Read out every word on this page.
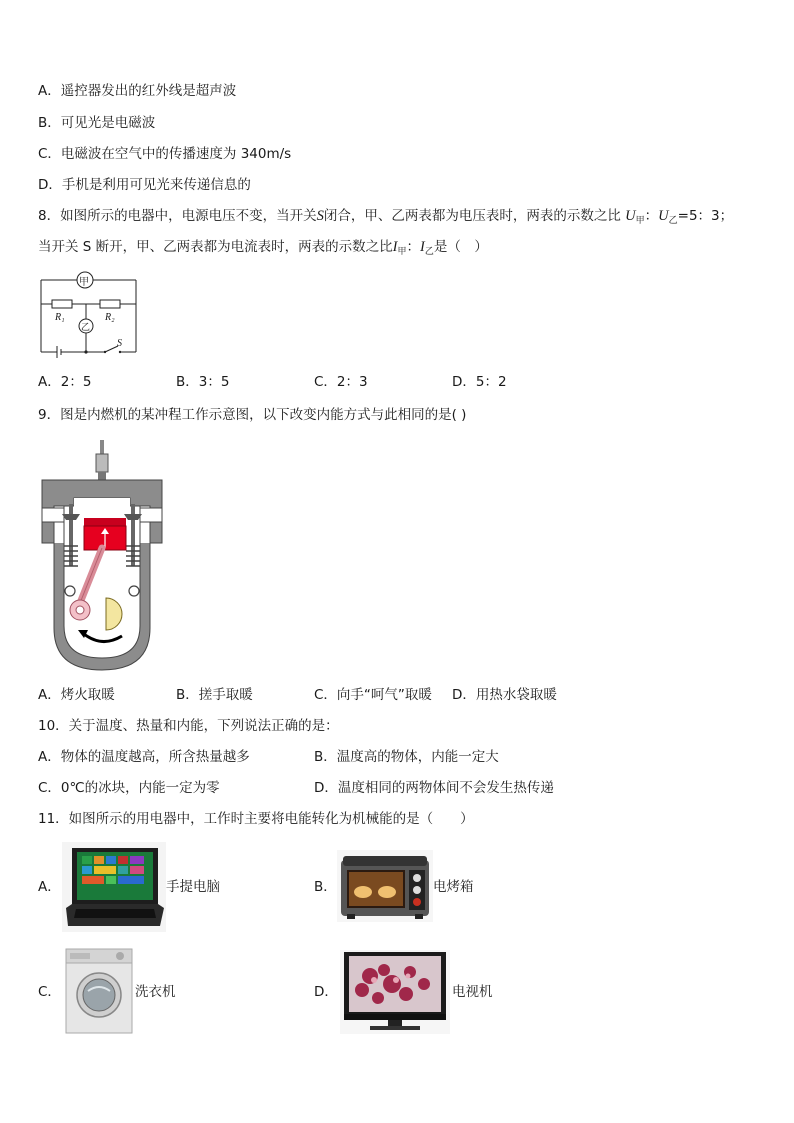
A．遥控器发出的红外线是超声波
B．可见光是电磁波
C．电磁波在空气中的传播速度为 340m/s
D．手机是利用可见光来传递信息的
8．如图所示的电器中，电源电压不变，当开关S闭合，甲、乙两表都为电压表时，两表的示数之比 $U_甲$：$U_乙=5$：3；
当开关 S 断开，甲、乙两表都为电流表时，两表的示数之比$I_甲$：$I_乙$是（　）
甲
乙
R₁	R₂
S
A．2：5	B．3：5	C．2：3	D．5：2
9．图是内燃机的某冲程工作示意图，以下改变内能方式与此相同的是( )
A．烤火取暖	B．搓手取暖	C．向手“呵气”取暖 D．用热水袋取暖
10．关于温度、热量和内能，下列说法正确的是：
A．物体的温度越高，所含热量越多	B．温度高的物体，内能一定大
C．0℃的冰块，内能一定为零	D．温度相同的两物体间不会发生热传递
11．如图所示的用电器中，工作时主要将电能转化为机械能的是（　　）
A．	手提电脑	B．	电烤箱
C．	洗衣机	D．	电视机
